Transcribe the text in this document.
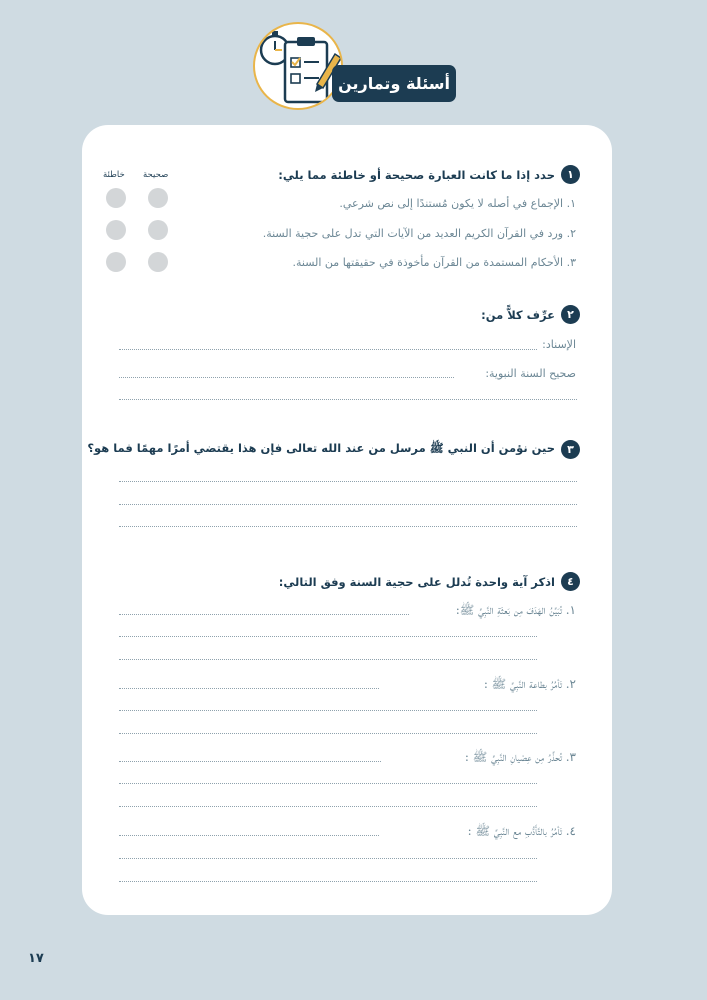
أسئلة وتمارين
١
حدد إذا ما كانت العبارة صحيحة أو خاطئة مما يلي:
صحيحة
خاطئة
١. الإجماع في أصله لا يكون مُستندًا إلى نص شرعي.
٢. ورد في القرآن الكريم العديد من الآيات التي تدل على حجية السنة.
٣. الأحكام المستمدة من القرآن مأخوذة في حقيقتها من السنة.
٢
عرِّف كلاًّ من:
الإسناد:
صحيح السنة النبوية:
٣
حين نؤمن أن النبي ﷺ مرسل من عند الله تعالى فإن هذا يقتضي أمرًا مهمًا فما هو؟
٤
اذكر آية واحدة تُدلل على حجية السنة وفق التالي:
١. تُبَيِّنُ الهَدَفَ مِن بَعثَةِ النَّبِيِّ ﷺ:
٢. تَأمُرُ بطاعة النَّبِيِّ ﷺ :
٣. تُحذِّرُ مِن عِصْيانِ النَّبِيِّ ﷺ :
٤. تَأمُرُ بالتَّأَدُّبِ مع النَّبِيِّ ﷺ :
١٧
